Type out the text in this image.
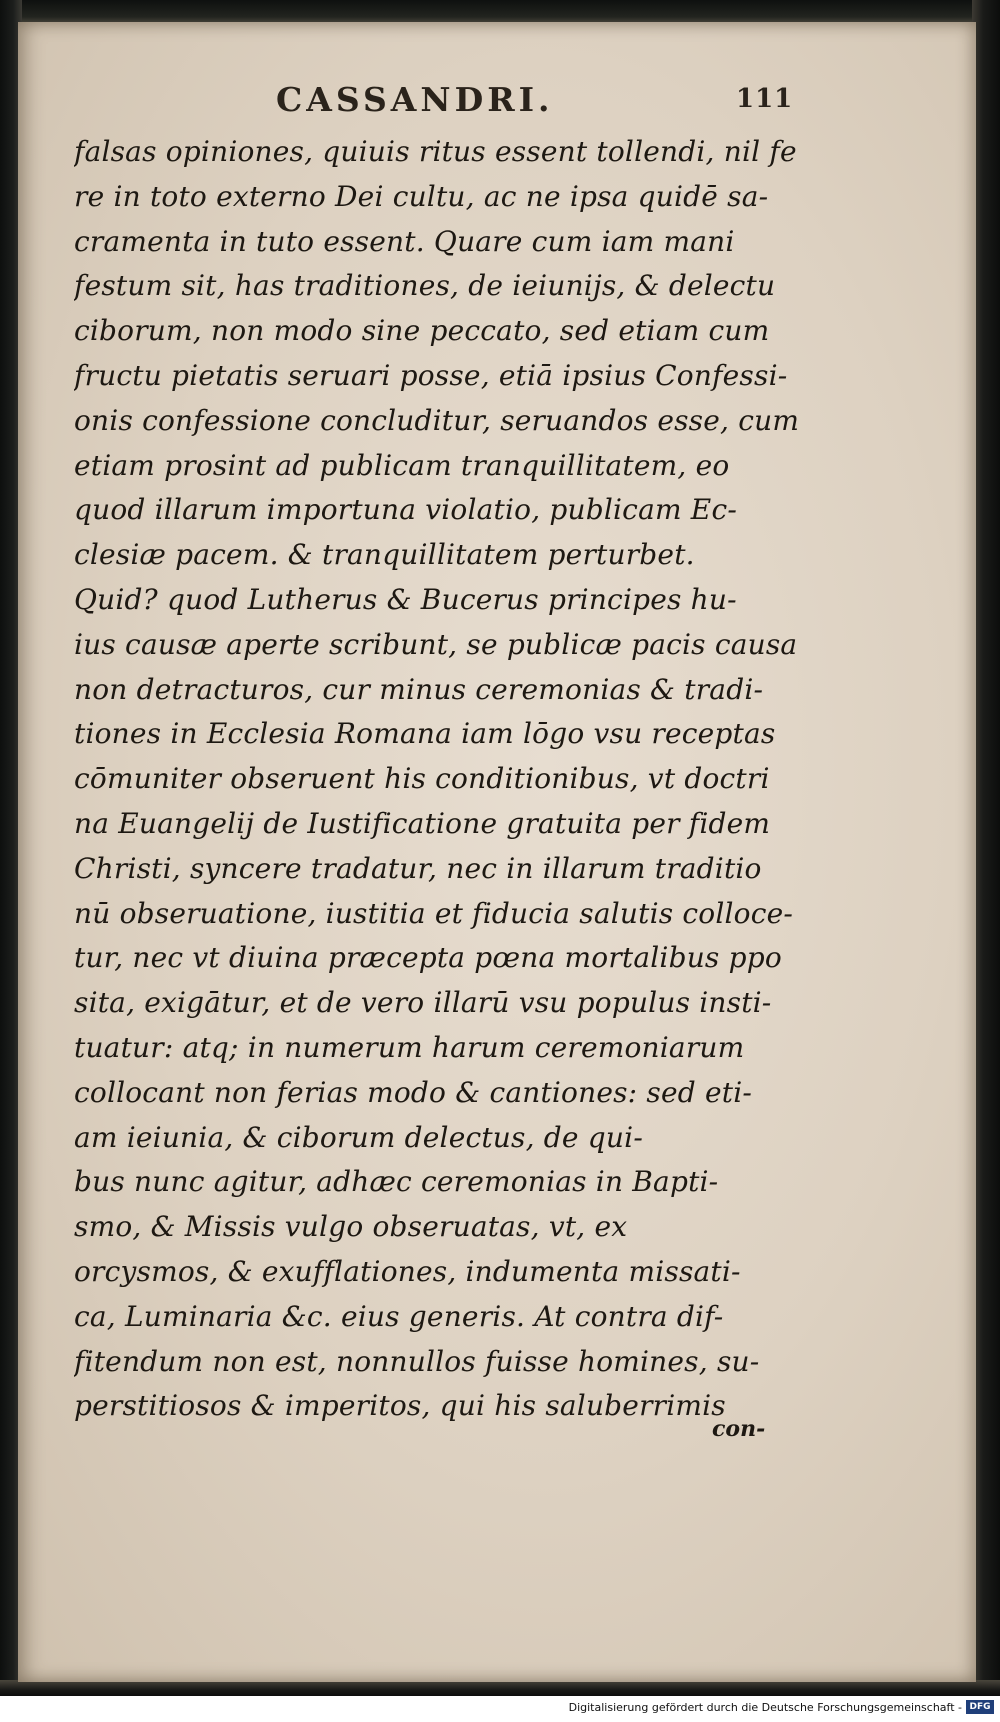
CASSANDRI.	111
falsas opiniones, quiuis ritus essent tollendi, nil fe
re in toto externo Dei cultu, ac ne ipsa quidē sa-
cramenta in tuto essent. Quare cum iam mani
festum sit, has traditiones, de ieiunijs, & delectu
ciborum, non modo sine peccato, sed etiam cum
fructu pietatis seruari posse, etiā ipsius Confessi-
onis confessione concluditur, seruandos esse, cum
etiam prosint ad publicam tranquillitatem, eo
quod illarum importuna violatio, publicam Ec-
clesiæ pacem. & tranquillitatem perturbet.
Quid? quod Lutherus & Bucerus principes hu-
ius causæ aperte scribunt, se publicæ pacis causa
non detracturos, cur minus ceremonias & tradi-
tiones in Ecclesia Romana iam lōgo vsu receptas
cōmuniter obseruent his conditionibus, vt doctri
na Euangelij de Iustificatione gratuita per fidem
Christi, syncere tradatur, nec in illarum traditio
nū obseruatione, iustitia et fiducia salutis colloce-
tur, nec vt diuina præcepta pœna mortalibus ppo
sita, exigātur, et de vero illarū vsu populus insti-
tuatur: atq; in numerum harum ceremoniarum
collocant non ferias modo & cantiones: sed eti-
am ieiunia, & ciborum delectus, de qui-
bus nunc agitur, adhæc ceremonias in Bapti-
smo, & Missis vulgo obseruatas, vt, ex
orcysmos, & exufflationes, indumenta missati-
ca, Luminaria &c. eius generis. At contra dif-
fitendum non est, nonnullos fuisse homines, su-
perstitiosos & imperitos, qui his saluberrimis
con-
Digitalisierung gefördert durch die Deutsche Forschungsgemeinschaft - DFG
